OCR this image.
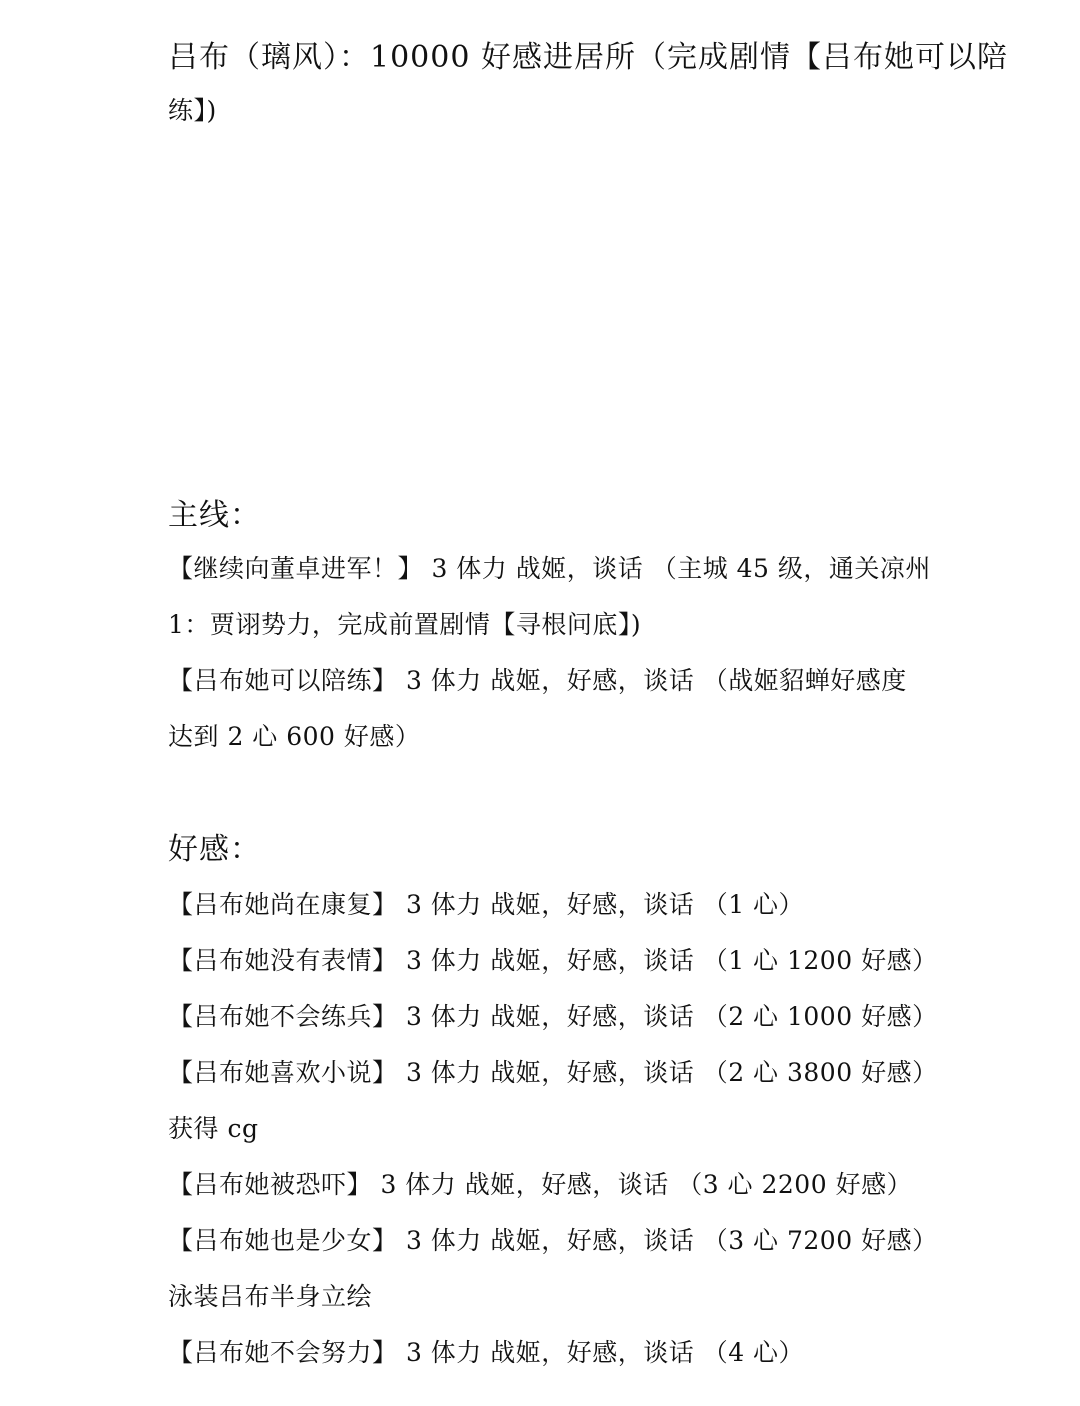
吕布（璃风）：10000 好感进居所（完成剧情【吕布她可以陪
练】)
主线：
【继续向董卓进军！】 3 体力 战姬，谈话 （主城 45 级，通关凉州
1：贾诩势力，完成前置剧情【寻根问底】)
【吕布她可以陪练】 3 体力 战姬，好感，谈话 （战姬貂蝉好感度
达到 2 心 600 好感）
好感：
【吕布她尚在康复】 3 体力 战姬，好感，谈话 （1 心）
【吕布她没有表情】 3 体力 战姬，好感，谈话 （1 心 1200 好感）
【吕布她不会练兵】 3 体力 战姬，好感，谈话 （2 心 1000 好感）
【吕布她喜欢小说】 3 体力 战姬，好感，谈话 （2 心 3800 好感）
获得 cg
【吕布她被恐吓】 3 体力 战姬，好感，谈话 （3 心 2200 好感）
【吕布她也是少女】 3 体力 战姬，好感，谈话 （3 心 7200 好感）
泳装吕布半身立绘
【吕布她不会努力】 3 体力 战姬，好感，谈话 （4 心）
